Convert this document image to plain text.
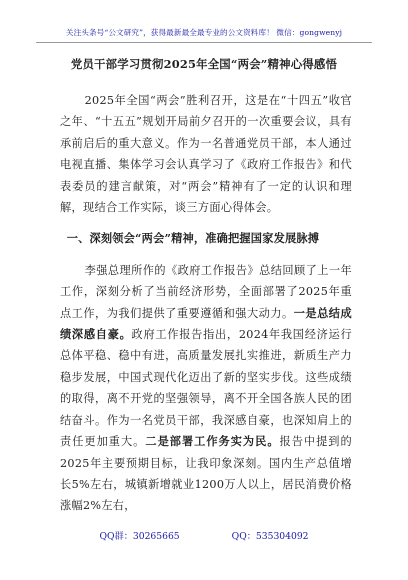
关注头条号“公文研究”，获得最新最全最专业的公文资料库！ 微信：gongwenyj
党员干部学习贯彻2025年全国“两会”精神心得感悟

2025年全国“两会”胜利召开，这是在“十四五”收官之年、“十五五”规划开局前夕召开的一次重要会议，具有承前启后的重大意义。作为一名普通党员干部，本人通过电视直播、集体学习会认真学习了《政府工作报告》和代表委员的建言献策，对“两会”精神有了一定的认识和理解，现结合工作实际，谈三方面心得体会。

一、深刻领会“两会”精神，准确把握国家发展脉搏

李强总理所作的《政府工作报告》总结回顾了上一年工作，深刻分析了当前经济形势，全面部署了2025年重点工作，为我们提供了重要遵循和强大动力。一是总结成绩深感自豪。政府工作报告指出，2024年我国经济运行总体平稳、稳中有进，高质量发展扎实推进，新质生产力稳步发展，中国式现代化迈出了新的坚实步伐。这些成绩的取得，离不开党的坚强领导，离不开全国各族人民的团结奋斗。作为一名党员干部，我深感自豪，也深知肩上的责任更加重大。二是部署工作务实为民。报告中提到的2025年主要预期目标，让我印象深刻。国内生产总值增长5%左右，城镇新增就业1200万人以上，居民消费价格涨幅2%左右，

QQ群：30265665	QQ：535304092
